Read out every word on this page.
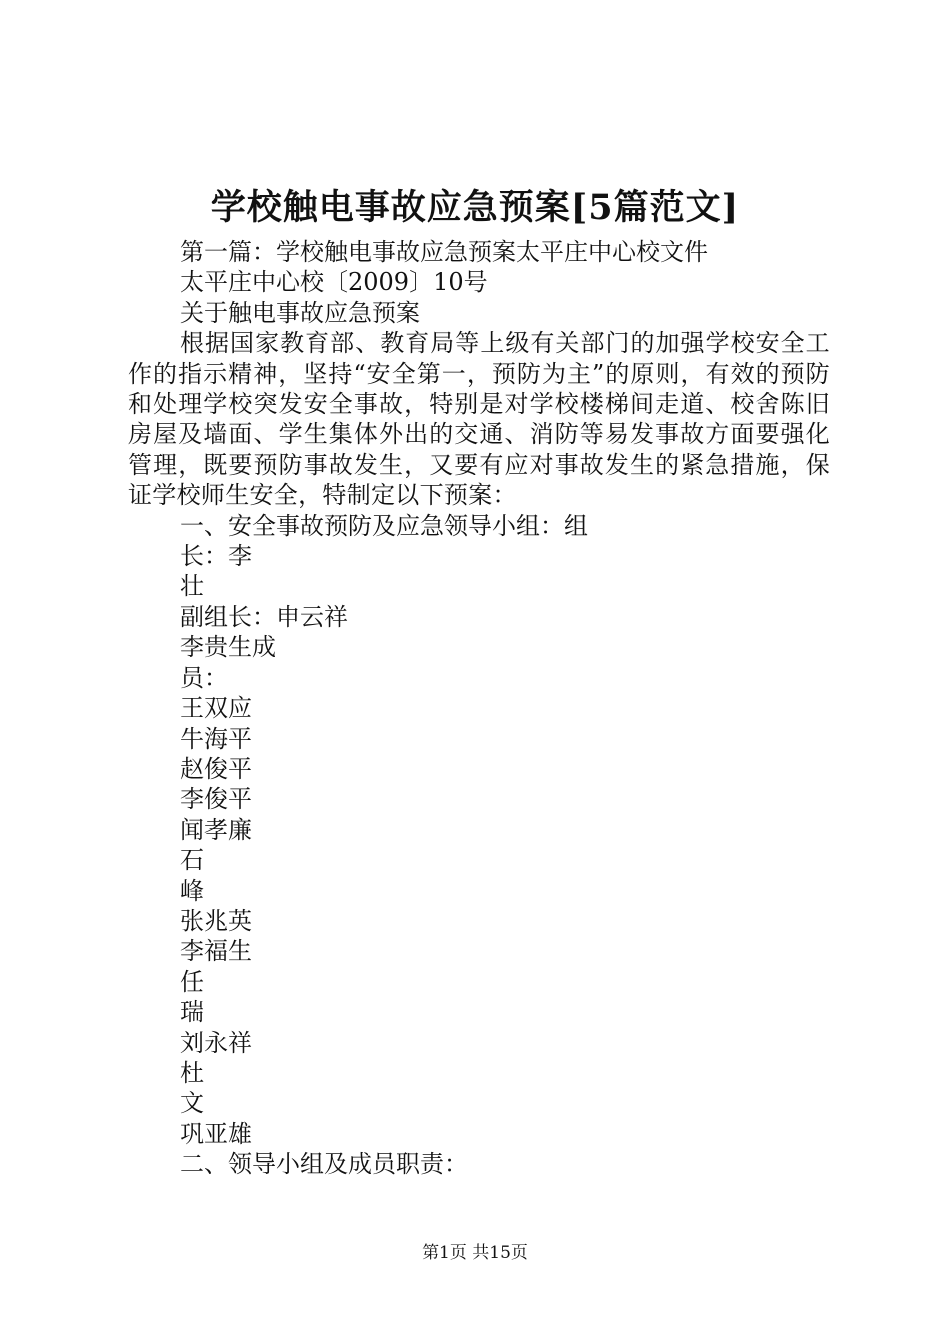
学校触电事故应急预案[5篇范文]

第一篇：学校触电事故应急预案太平庄中心校文件

太平庄中心校〔2009〕10号

关于触电事故应急预案

根据国家教育部、教育局等上级有关部门的加强学校安全工作的指示精神，坚持“安全第一，预防为主”的原则，有效的预防和处理学校突发安全事故，特别是对学校楼梯间走道、校舍陈旧房屋及墙面、学生集体外出的交通、消防等易发事故方面要强化管理，既要预防事故发生，又要有应对事故发生的紧急措施，保证学校师生安全，特制定以下预案：

一、安全事故预防及应急领导小组：组

长：李

壮

副组长：申云祥

李贵生成

员：

王双应

牛海平

赵俊平

李俊平

闻孝廉

石

峰

张兆英

李福生

任

瑞

刘永祥

杜

文

巩亚雄

二、领导小组及成员职责：

第1页 共15页
